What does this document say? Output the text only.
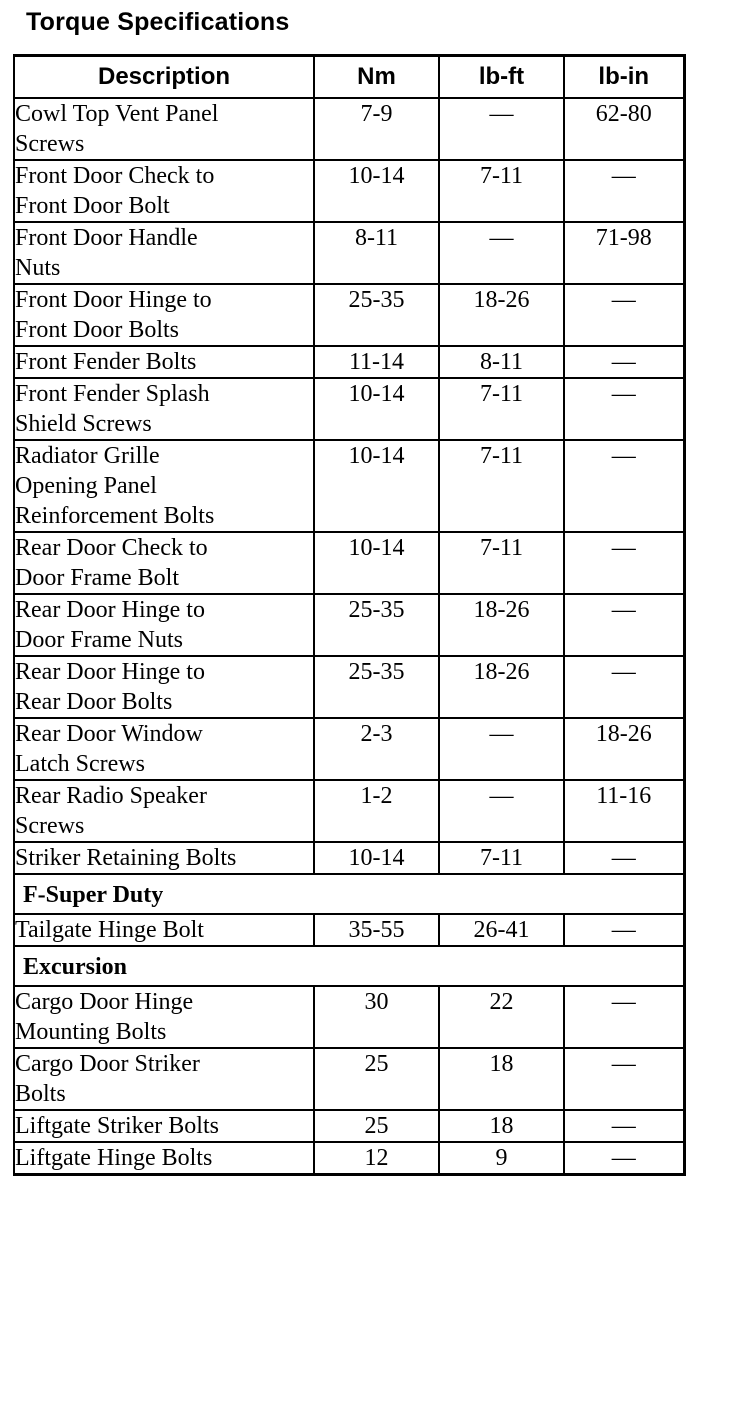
Torque Specifications
Description	Nm	lb-ft	lb-in
Cowl Top Vent Panel
Screws	7-9	—	62-80
Front Door Check to
Front Door Bolt	10-14	7-11	—
Front Door Handle
Nuts	8-11	—	71-98
Front Door Hinge to
Front Door Bolts	25-35	18-26	—
Front Fender Bolts	11-14	8-11	—
Front Fender Splash
Shield Screws	10-14	7-11	—
Radiator Grille
Opening Panel
Reinforcement Bolts	10-14	7-11	—
Rear Door Check to
Door Frame Bolt	10-14	7-11	—
Rear Door Hinge to
Door Frame Nuts	25-35	18-26	—
Rear Door Hinge to
Rear Door Bolts	25-35	18-26	—
Rear Door Window
Latch Screws	2-3	—	18-26
Rear Radio Speaker
Screws	1-2	—	11-16
Striker Retaining Bolts	10-14	7-11	—
F-Super Duty			
Tailgate Hinge Bolt	35-55	26-41	—
Excursion			
Cargo Door Hinge
Mounting Bolts	30	22	—
Cargo Door Striker
Bolts	25	18	—
Liftgate Striker Bolts	25	18	—
Liftgate Hinge Bolts	12	9	—
